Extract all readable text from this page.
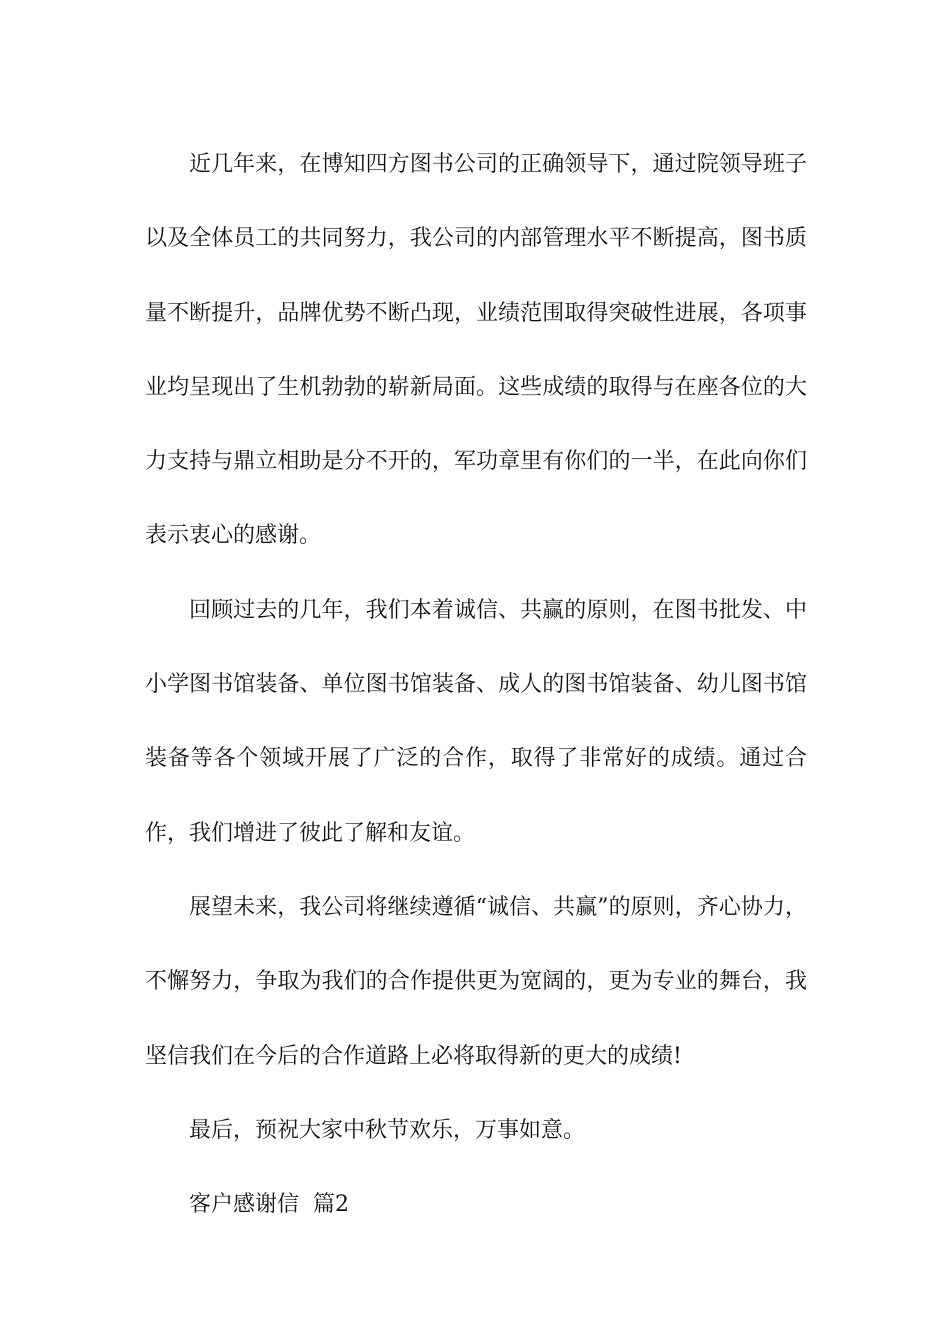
近几年来，在博知四方图书公司的正确领导下，通过院领导班子以及全体员工的共同努力，我公司的内部管理水平不断提高，图书质量不断提升，品牌优势不断凸现，业绩范围取得突破性进展，各项事业均呈现出了生机勃勃的崭新局面。这些成绩的取得与在座各位的大力支持与鼎立相助是分不开的，军功章里有你们的一半，在此向你们表示衷心的感谢。

回顾过去的几年，我们本着诚信、共赢的原则，在图书批发、中小学图书馆装备、单位图书馆装备、成人的图书馆装备、幼儿图书馆装备等各个领域开展了广泛的合作，取得了非常好的成绩。通过合作，我们增进了彼此了解和友谊。

展望未来，我公司将继续遵循“诚信、共赢”的原则，齐心协力，不懈努力，争取为我们的合作提供更为宽阔的，更为专业的舞台，我坚信我们在今后的合作道路上必将取得新的更大的成绩!

最后，预祝大家中秋节欢乐，万事如意。

客户感谢信  篇2
